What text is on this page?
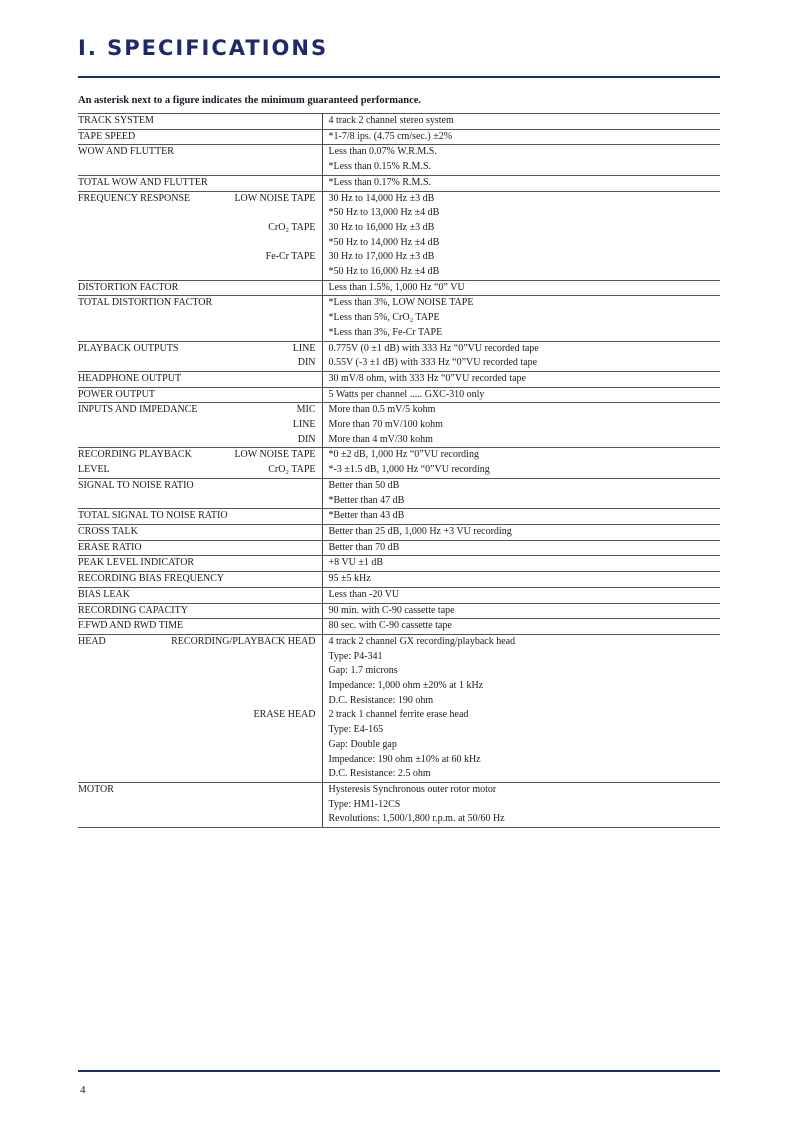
I. SPECIFICATIONS
An asterisk next to a figure indicates the minimum guaranteed performance.
TRACK SYSTEM	4 track 2 channel stereo system

TAPE SPEED	*1-7/8 ips. (4.75 cm/sec.) ±2%

WOW AND FLUTTER	Less than 0.07% W.R.M.S.

	*Less than 0.15% R.M.S.

TOTAL WOW AND FLUTTER	*Less than 0.17% R.M.S.

FREQUENCY RESPONSE LOW NOISE TAPE	30 Hz to 14,000 Hz ±3 dB

	*50 Hz to 13,000 Hz ±4 dB

CrO₂ TAPE	30 Hz to 16,000 Hz ±3 dB

	*50 Hz to 14,000 Hz ±4 dB

Fe-Cr TAPE	30 Hz to 17,000 Hz ±3 dB

	*50 Hz to 16,000 Hz ±4 dB

DISTORTION FACTOR	Less than 1.5%, 1,000 Hz “0” VU

TOTAL DISTORTION FACTOR	*Less than 3%, LOW NOISE TAPE

	*Less than 5%, CrO₂ TAPE

	*Less than 3%, Fe-Cr TAPE

PLAYBACK OUTPUTS LINE	0.775V (0 ±1 dB) with 333 Hz “0”VU recorded tape

DIN	0.55V (-3 ±1 dB) with 333 Hz “0”VU recorded tape

HEADPHONE OUTPUT	30 mV/8 ohm, with 333 Hz “0”VU recorded tape

POWER OUTPUT	5 Watts per channel ..... GXC-310 only

INPUTS AND IMPEDANCE MIC	More than 0.5 mV/5 kohm

LINE	More than 70 mV/100 kohm

DIN	More than 4 mV/30 kohm

RECORDING PLAYBACK LOW NOISE TAPE	*0 ±2 dB, 1,000 Hz “0”VU recording

LEVEL CrO₂ TAPE	*-3 ±1.5 dB, 1,000 Hz “0”VU recording

SIGNAL TO NOISE RATIO	Better than 50 dB

	*Better than 47 dB

TOTAL SIGNAL TO NOISE RATIO	*Better than 43 dB

CROSS TALK	Better than 25 dB, 1,000 Hz +3 VU recording

ERASE RATIO	Better than 70 dB

PEAK LEVEL INDICATOR	+8 VU ±1 dB

RECORDING BIAS FREQUENCY	95 ±5 kHz

BIAS LEAK	Less than -20 VU

RECORDING CAPACITY	90 min. with C-90 cassette tape

F.FWD AND RWD TIME	80 sec. with C-90 cassette tape

HEAD RECORDING/PLAYBACK HEAD	4 track 2 channel GX recording/playback head

	Type: P4-341

	Gap: 1.7 microns

	Impedance: 1,000 ohm ±20% at 1 kHz

	D.C. Resistance: 190 ohm

ERASE HEAD	2 track 1 channel ferrite erase head

	Type: E4-165

	Gap: Double gap

	Impedance: 190 ohm ±10% at 60 kHz

	D.C. Resistance: 2.5 ohm

MOTOR	Hysteresis Synchronous outer rotor motor

	Type: HM1-12CS

	Revolutions: 1,500/1,800 r.p.m. at 50/60 Hz
4
